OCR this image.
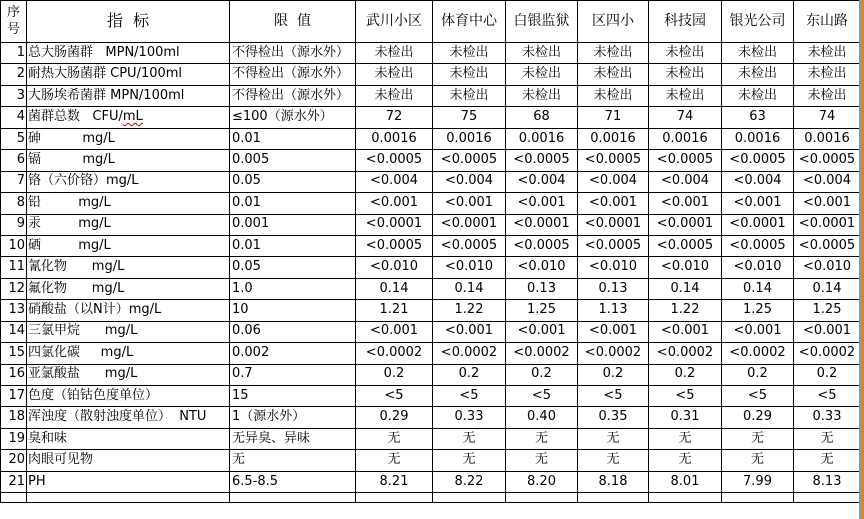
序
号	指  标	限  值	武川小区	体育中心	白银监狱	区四小	科技园	银光公司	东山路
1	总大肠菌群   MPN/100ml	不得检出（源水外）	未检出	未检出	未检出	未检出	未检出	未检出	未检出
2	耐热大肠菌群 CPU/100ml	不得检出（源水外）	未检出	未检出	未检出	未检出	未检出	未检出	未检出
3	大肠埃希菌群 MPN/100ml	不得检出（源水外）	未检出	未检出	未检出	未检出	未检出	未检出	未检出
4	菌群总数   CFU/mL	≤100（源水外）	72	75	68	71	74	63	74
5	砷          mg/L	0.01	0.0016	0.0016	0.0016	0.0016	0.0016	0.0016	0.0016
6	镉          mg/L	0.005	<0.0005	<0.0005	<0.0005	<0.0005	<0.0005	<0.0005	<0.0005
7	铬（六价铬）mg/L	0.05	<0.004	<0.004	<0.004	<0.004	<0.004	<0.004	<0.004
8	铅         mg/L	0.01	<0.001	<0.001	<0.001	<0.001	<0.001	<0.001	<0.001
9	汞         mg/L	0.001	<0.0001	<0.0001	<0.0001	<0.0001	<0.0001	<0.0001	<0.0001
10	硒         mg/L	0.01	<0.0005	<0.0005	<0.0005	<0.0005	<0.0005	<0.0005	<0.0005
11	氰化物      mg/L	0.05	<0.010	<0.010	<0.010	<0.010	<0.010	<0.010	<0.010
12	氟化物      mg/L	1.0	0.14	0.14	0.13	0.13	0.14	0.14	0.14
13	硝酸盐（以N计）mg/L	10	1.21	1.22	1.25	1.13	1.22	1.25	1.25
14	三氯甲烷      mg/L	0.06	<0.001	<0.001	<0.001	<0.001	<0.001	<0.001	<0.001
15	四氯化碳     mg/L	0.002	<0.0002	<0.0002	<0.0002	<0.0002	<0.0002	<0.0002	<0.0002
16	亚氯酸盐      mg/L	0.7	0.2	0.2	0.2	0.2	0.2	0.2	0.2
17	色度（铂钴色度单位）	15	<5	<5	<5	<5	<5	<5	<5
18	浑浊度（散射浊度单位）  NTU	1（源水外）	0.29	0.33	0.40	0.35	0.31	0.29	0.33
19	臭和味	无异臭、异味	无	无	无	无	无	无	无
20	肉眼可见物	无	无	无	无	无	无	无	无
21	PH	6.5-8.5	8.21	8.22	8.20	8.18	8.01	7.99	8.13
